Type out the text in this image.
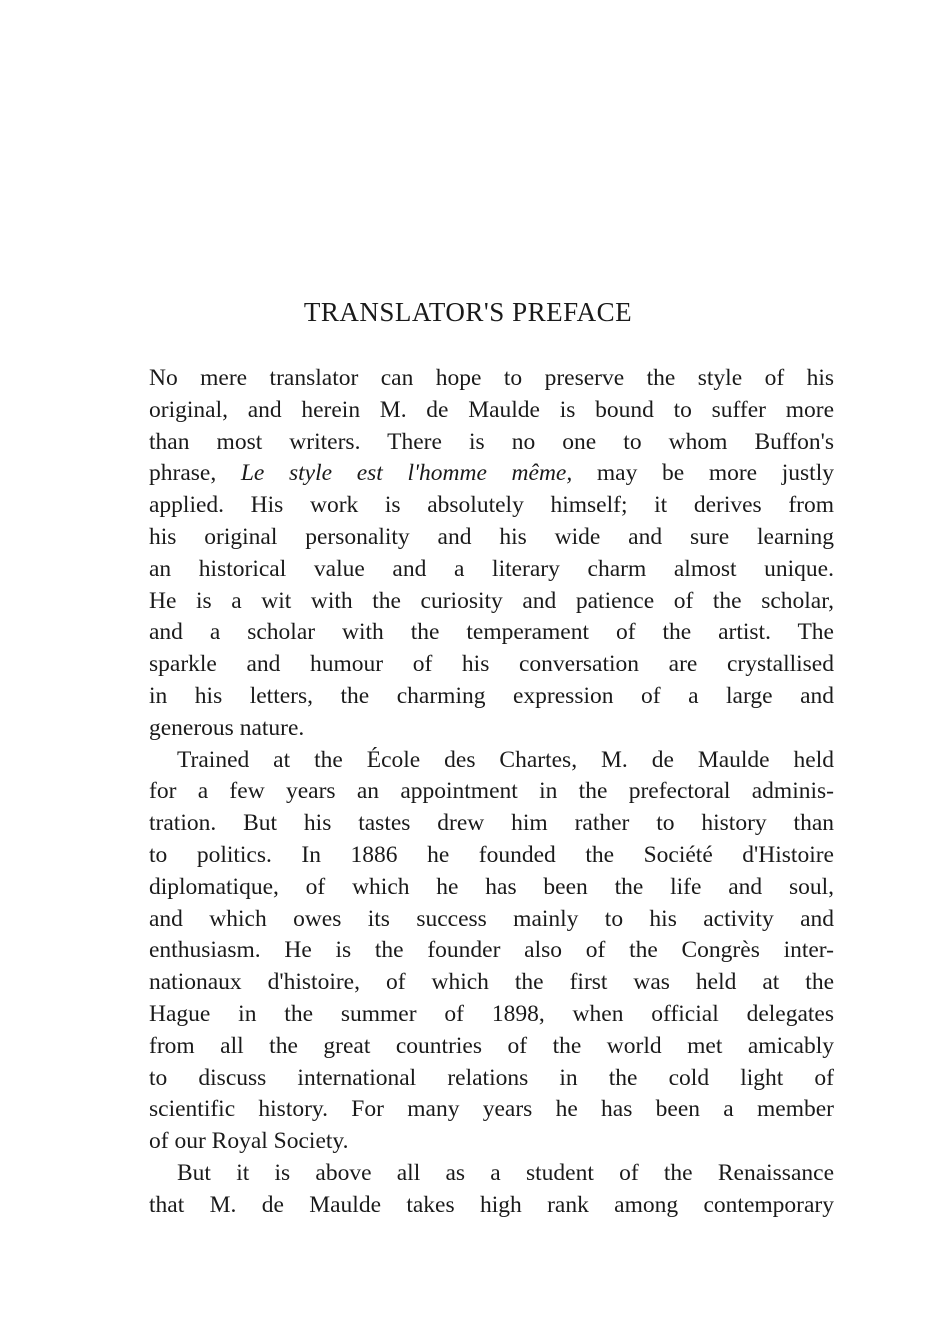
TRANSLATOR'S PREFACE
No mere translator can hope to preserve the style of his
original, and herein M. de Maulde is bound to suffer more
than most writers. There is no one to whom Buffon's
phrase, Le style est l'homme même, may be more justly
applied. His work is absolutely himself; it derives from
his original personality and his wide and sure learning
an historical value and a literary charm almost unique.
He is a wit with the curiosity and patience of the scholar,
and a scholar with the temperament of the artist. The
sparkle and humour of his conversation are crystallised
in his letters, the charming expression of a large and
generous nature.
Trained at the École des Chartes, M. de Maulde held
for a few years an appointment in the prefectoral adminis-
tration. But his tastes drew him rather to history than
to politics. In 1886 he founded the Société d'Histoire
diplomatique, of which he has been the life and soul,
and which owes its success mainly to his activity and
enthusiasm. He is the founder also of the Congrès inter-
nationaux d'histoire, of which the first was held at the
Hague in the summer of 1898, when official delegates
from all the great countries of the world met amicably
to discuss international relations in the cold light of
scientific history. For many years he has been a member
of our Royal Society.
But it is above all as a student of the Renaissance
that M. de Maulde takes high rank among contemporary
